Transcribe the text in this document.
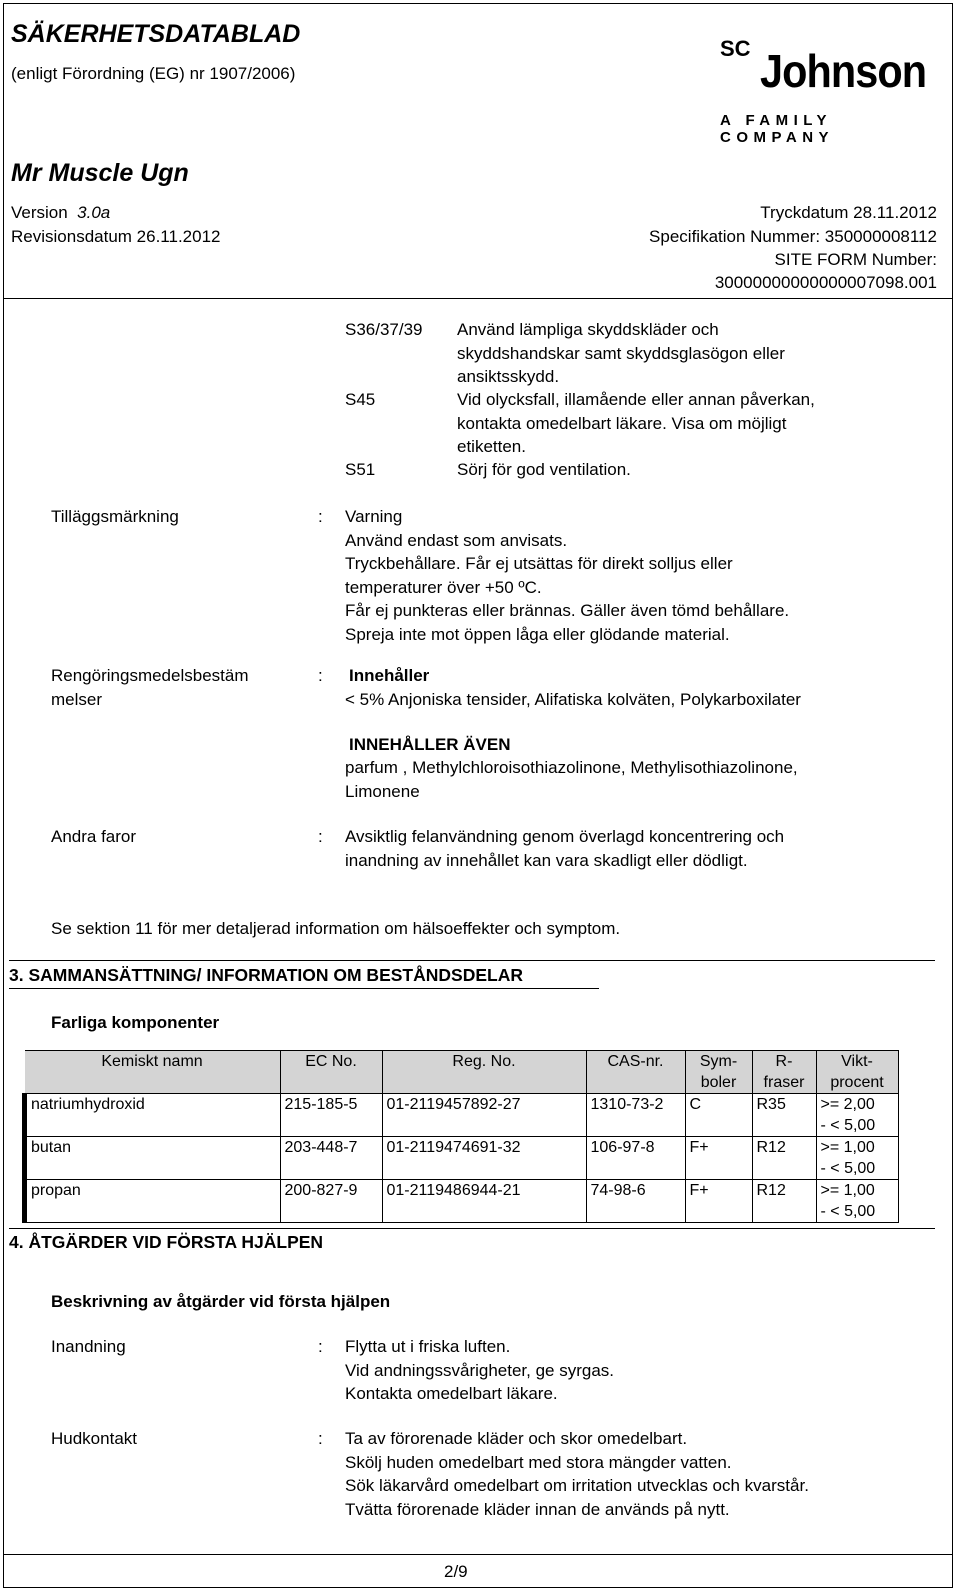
SÄKERHETSDATABLAD
(enligt Förordning (EG) nr 1907/2006)
SC Johnson
A FAMILY COMPANY
Mr Muscle Ugn
Version 3.0a
Revisionsdatum 26.11.2012
Tryckdatum 28.11.2012
Specifikation Nummer: 350000008112
SITE FORM Number:
30000000000000007098.001
S36/37/39 Använd lämpliga skyddskläder och
skyddshandskar samt skyddsglasögon eller
ansiktsskydd.
S45	Vid olycksfall, illamående eller annan påverkan,
kontakta omedelbart läkare. Visa om möjligt
etiketten.
S51	Sörj för god ventilation.
Tilläggsmärkning	: Varning
Använd endast som anvisats.
Tryckbehållare. Får ej utsättas för direkt solljus eller
temperaturer över +50 ºC.
Får ej punkteras eller brännas. Gäller även tömd behållare.
Spreja inte mot öppen låga eller glödande material.
Rengöringsmedelsbestäm
melser
: Innehåller
< 5% Anjoniska tensider, Alifatiska kolväten, Polykarboxilater
INNEHÅLLER ÄVEN
parfum , Methylchloroisothiazolinone, Methylisothiazolinone,
Limonene
Andra faror	: Avsiktlig felanvändning genom överlagd koncentrering och
inandning av innehållet kan vara skadligt eller dödligt.
Se sektion 11 för mer detaljerad information om hälsoeffekter och symptom.
3. SAMMANSÄTTNING/ INFORMATION OM BESTÅNDSDELAR
Farliga komponenter
Kemiskt namn	EC No.	Reg. No.	CAS-nr.	Sym-
boler	R-
fraser	Vikt-
procent
natriumhydroxid	215-185-5	01-2119457892-27	1310-73-2	C	R35	>= 2,00
- < 5,00
butan	203-448-7	01-2119474691-32	106-97-8	F+	R12	>= 1,00
- < 5,00
propan	200-827-9	01-2119486944-21	74-98-6	F+	R12	>= 1,00
- < 5,00
4. ÅTGÄRDER VID FÖRSTA HJÄLPEN
Beskrivning av åtgärder vid första hjälpen
Inandning	: Flytta ut i friska luften.
Vid andningssvårigheter, ge syrgas.
Kontakta omedelbart läkare.
Hudkontakt	: Ta av förorenade kläder och skor omedelbart.
Skölj huden omedelbart med stora mängder vatten.
Sök läkarvård omedelbart om irritation utvecklas och kvarstår.
Tvätta förorenade kläder innan de används på nytt.
2/9
